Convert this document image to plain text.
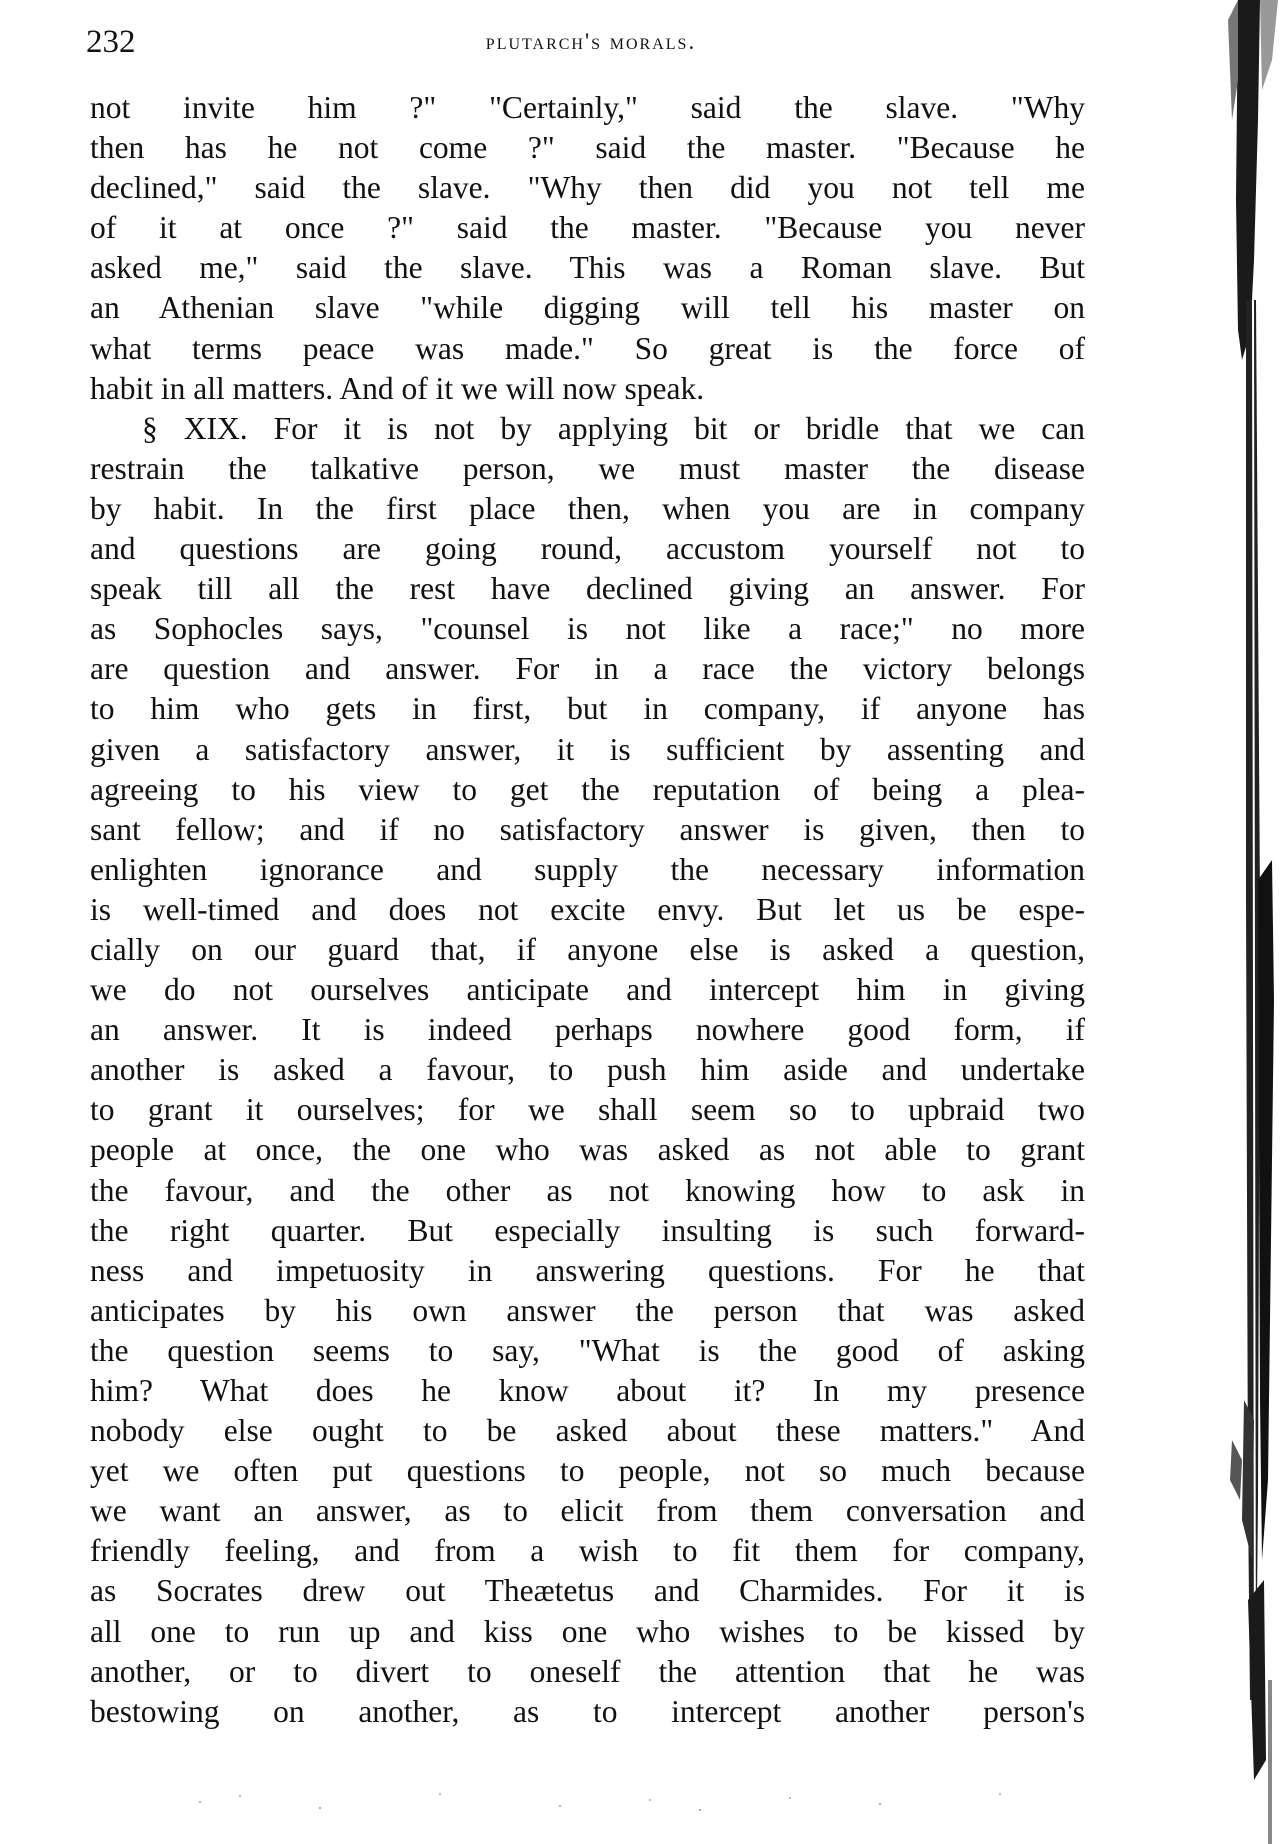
232	plutarch's morals.
not invite him ?" "Certainly," said the slave. "Why
then has he not come ?" said the master. "Because he
declined," said the slave. "Why then did you not tell me
of it at once ?" said the master. "Because you never
asked me," said the slave. This was a Roman slave. But
an Athenian slave "while digging will tell his master on
what terms peace was made." So great is the force of
habit in all matters. And of it we will now speak.
§ XIX. For it is not by applying bit or bridle that we can
restrain the talkative person, we must master the disease
by habit. In the first place then, when you are in company
and questions are going round, accustom yourself not to
speak till all the rest have declined giving an answer. For
as Sophocles says, "counsel is not like a race;" no more
are question and answer. For in a race the victory belongs
to him who gets in first, but in company, if anyone has
given a satisfactory answer, it is sufficient by assenting and
agreeing to his view to get the reputation of being a plea-
sant fellow; and if no satisfactory answer is given, then to
enlighten ignorance and supply the necessary information
is well-timed and does not excite envy. But let us be espe-
cially on our guard that, if anyone else is asked a question,
we do not ourselves anticipate and intercept him in giving
an answer. It is indeed perhaps nowhere good form, if
another is asked a favour, to push him aside and undertake
to grant it ourselves; for we shall seem so to upbraid two
people at once, the one who was asked as not able to grant
the favour, and the other as not knowing how to ask in
the right quarter. But especially insulting is such forward-
ness and impetuosity in answering questions. For he that
anticipates by his own answer the person that was asked
the question seems to say, "What is the good of asking
him? What does he know about it? In my presence
nobody else ought to be asked about these matters." And
yet we often put questions to people, not so much because
we want an answer, as to elicit from them conversation and
friendly feeling, and from a wish to fit them for company,
as Socrates drew out Theætetus and Charmides. For it is
all one to run up and kiss one who wishes to be kissed by
another, or to divert to oneself the attention that he was
bestowing on another, as to intercept another person's
